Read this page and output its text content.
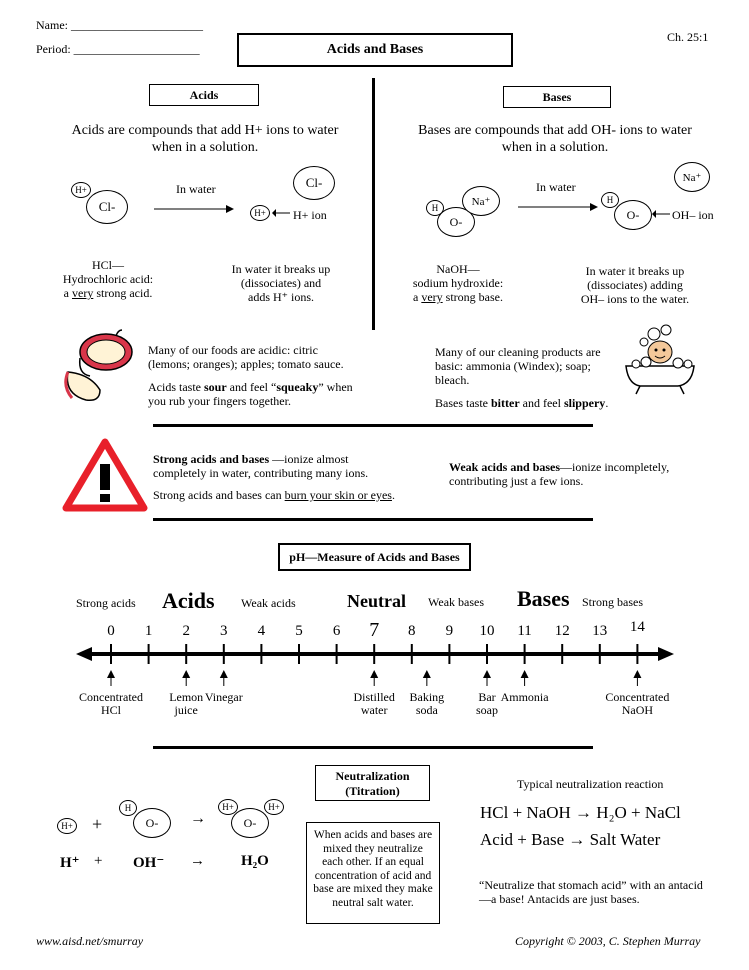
Name: ______________________
Period: _____________________	Acids and Bases
Ch. 25:1
Acids
Acids are compounds that add H+ ions to water when in a solution.
Cl-
H+	In water	Cl-
H+ H+ ion
HCl—
Hydrochloric acid:
a very strong acid.
In water it breaks up
(dissociates) and
adds H⁺ ions.
Bases
Bases are compounds that add OH- ions to water when in a solution.
O-
Na⁺
H
In water
Na⁺
O-
H
OH– ion
NaOH—
sodium hydroxide:
a very strong base.
In water it breaks up
(dissociates) adding
OH– ions to the water.
Many of our foods are acidic: citric (lemons; oranges); apples; tomato sauce.
Acids taste sour and feel “squeaky” when you rub your fingers together.
Many of our cleaning products are basic: ammonia (Windex); soap; bleach.
Bases taste bitter and feel slippery.
Strong acids and bases —ionize almost completely in water, contributing many ions.
Strong acids and bases can burn your skin or eyes.
Weak acids and bases—ionize incompletely, contributing just a few ions.
pH—Measure of Acids and Bases
Strong acids Acids Weak acids	Neutral Weak bases Bases Strong bases
0 1 2 3 4 5 6 7 8 9 10 11 12 13 14
Concentrated
HCl
Lemon
juice
Vinegar	Distilled
water
Baking
soda
Bar
soap
Ammonia	Concentrated
NaOH
Neutralization
(Titration)
H+ +	O-
H
→	O-
H+	H+
H⁺ + OH⁻ → H₂O
When acids and bases are mixed they neutralize each other. If an equal concentration of acid and base are mixed they make neutral salt water.
Typical neutralization reaction
HCl + NaOH → H₂O + NaCl
Acid + Base → Salt Water
“Neutralize that stomach acid” with an antacid—a base! Antacids are just bases.
www.aisd.net/smurray	Copyright © 2003, C. Stephen Murray
